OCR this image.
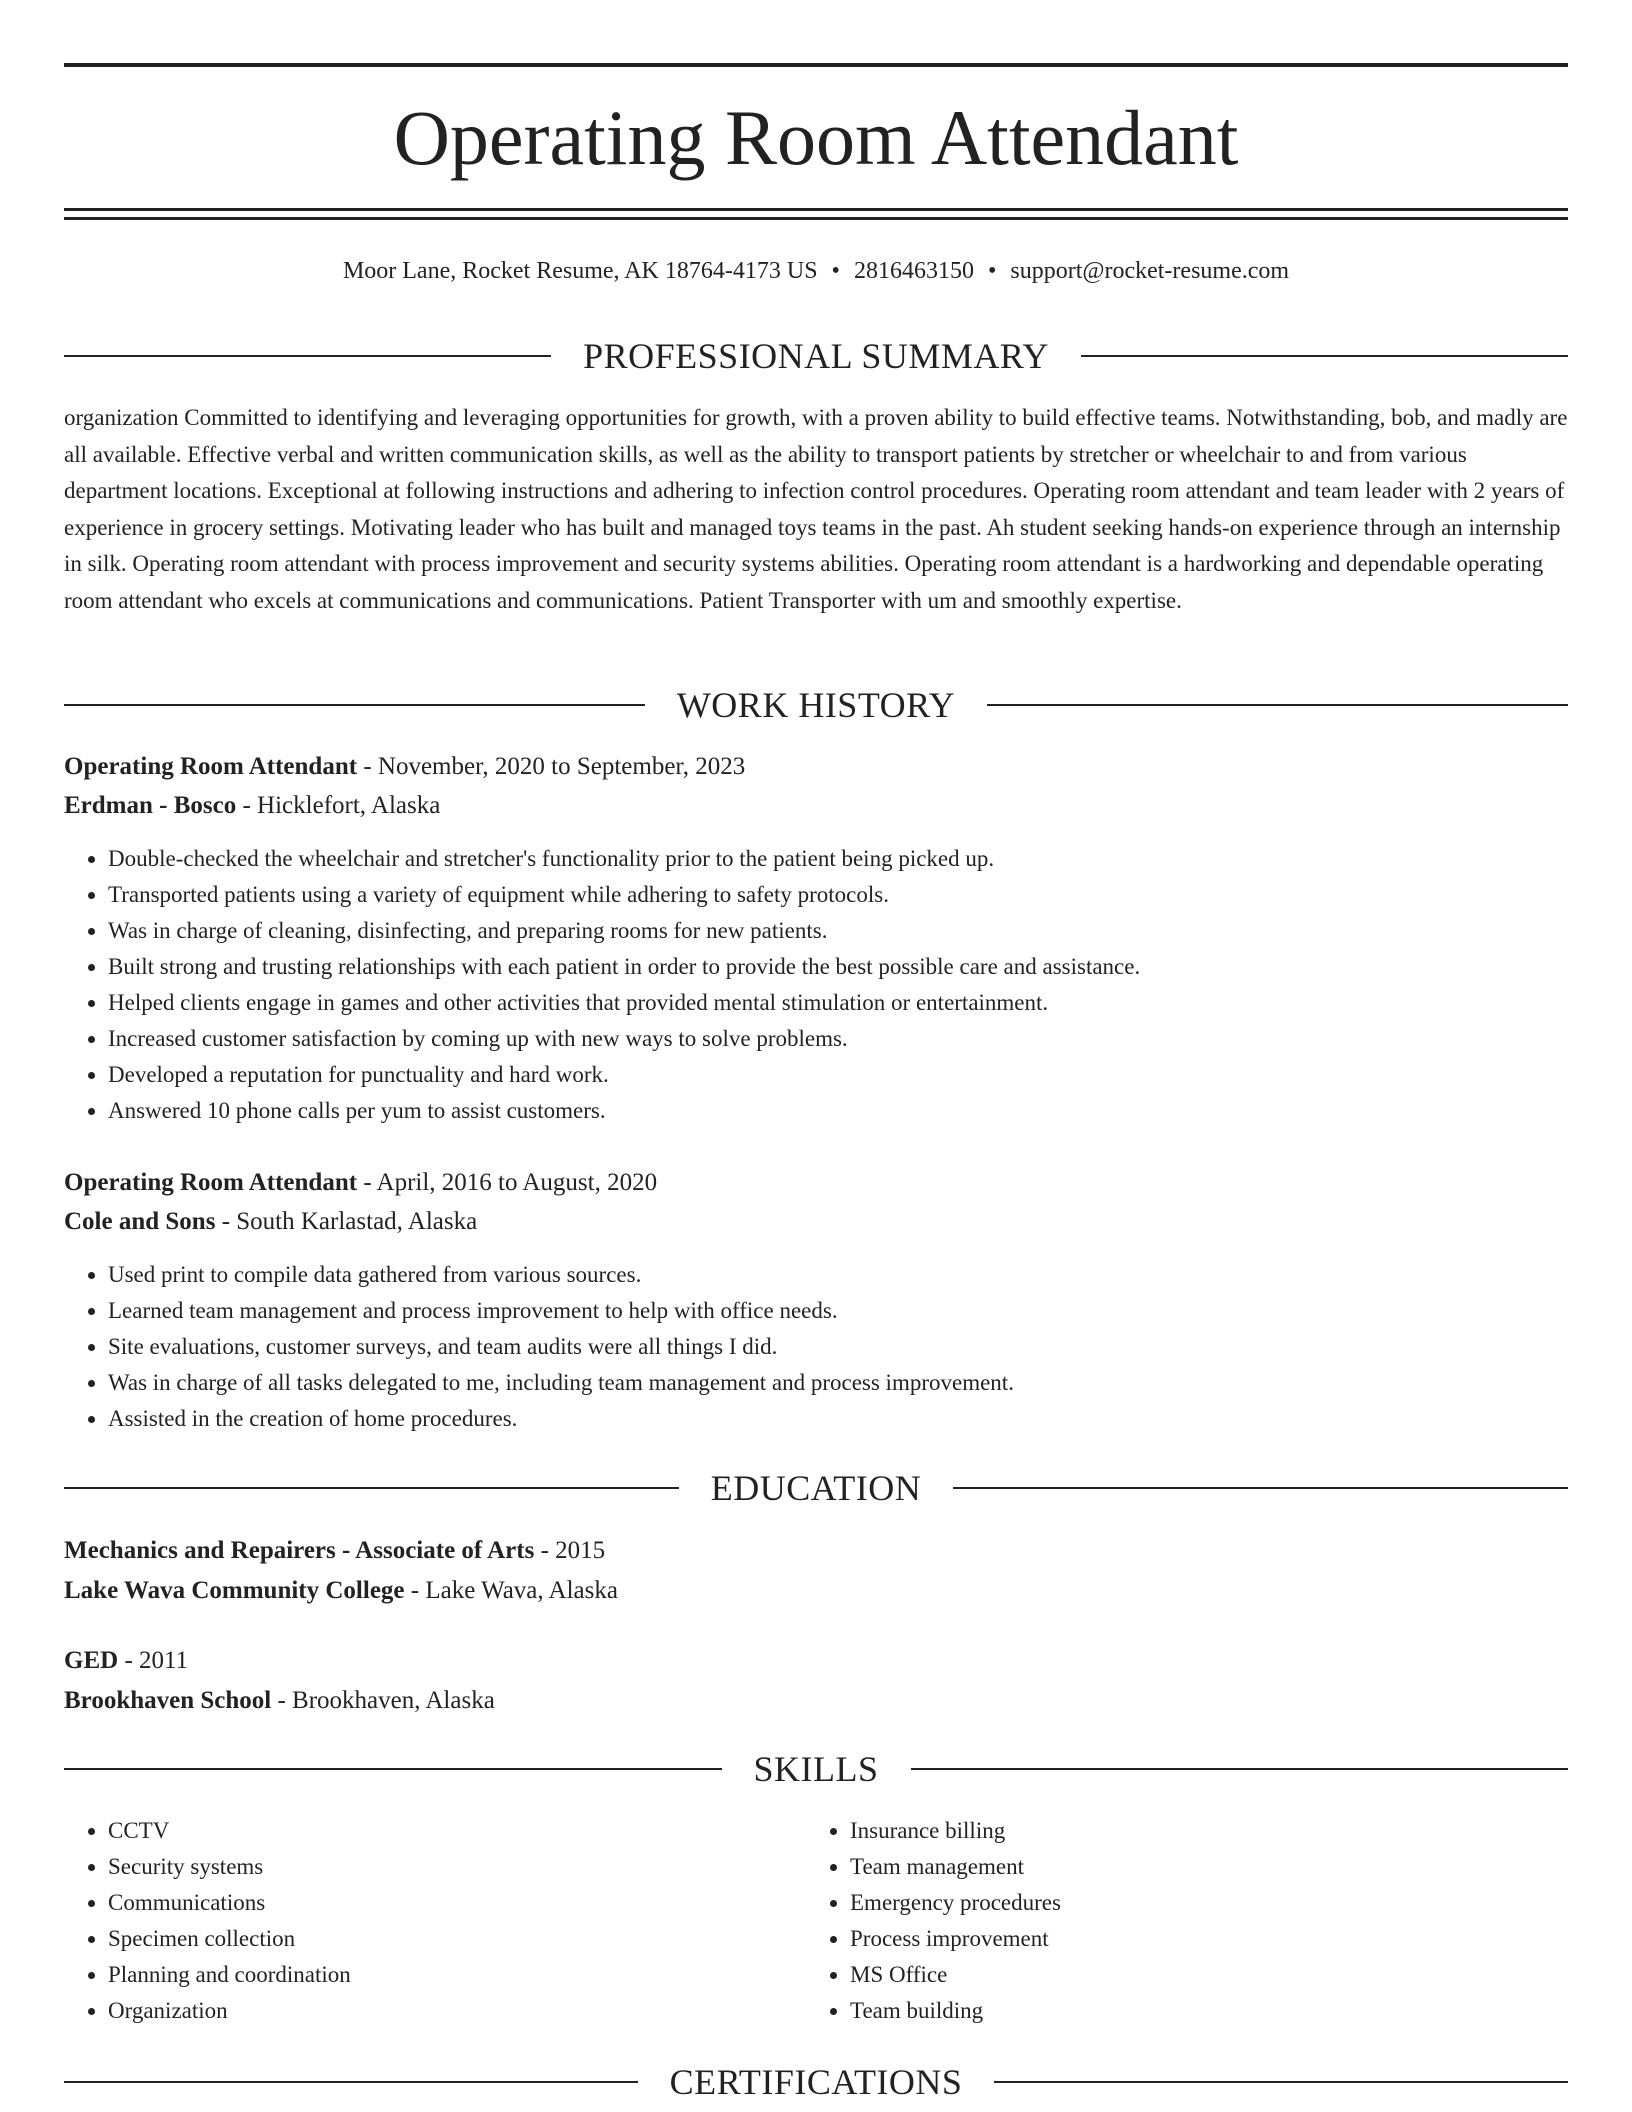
Operating Room Attendant
Moor Lane, Rocket Resume, AK 18764-4173 US • 2816463150 • support@rocket-resume.com
PROFESSIONAL SUMMARY

organization Committed to identifying and leveraging opportunities for growth, with a proven ability to build effective teams. Notwithstanding, bob, and madly are all available. Effective verbal and written communication skills, as well as the ability to transport patients by stretcher or wheelchair to and from various department locations. Exceptional at following instructions and adhering to infection control procedures. Operating room attendant and team leader with 2 years of experience in grocery settings. Motivating leader who has built and managed toys teams in the past. Ah student seeking hands-on experience through an internship in silk. Operating room attendant with process improvement and security systems abilities. Operating room attendant is a hardworking and dependable operating room attendant who excels at communications and communications. Patient Transporter with um and smoothly expertise.

WORK HISTORY
Operating Room Attendant - November, 2020 to September, 2023
Erdman - Bosco - Hicklefort, Alaska
• Double-checked the wheelchair and stretcher's functionality prior to the patient being picked up.
• Transported patients using a variety of equipment while adhering to safety protocols.
• Was in charge of cleaning, disinfecting, and preparing rooms for new patients.
• Built strong and trusting relationships with each patient in order to provide the best possible care and assistance.
• Helped clients engage in games and other activities that provided mental stimulation or entertainment.
• Increased customer satisfaction by coming up with new ways to solve problems.
• Developed a reputation for punctuality and hard work.
• Answered 10 phone calls per yum to assist customers.
Operating Room Attendant - April, 2016 to August, 2020
Cole and Sons - South Karlastad, Alaska
• Used print to compile data gathered from various sources.
• Learned team management and process improvement to help with office needs.
• Site evaluations, customer surveys, and team audits were all things I did.
• Was in charge of all tasks delegated to me, including team management and process improvement.
• Assisted in the creation of home procedures.
EDUCATION
Mechanics and Repairers - Associate of Arts - 2015
Lake Wava Community College - Lake Wava, Alaska
GED - 2011
Brookhaven School - Brookhaven, Alaska
SKILLS
• CCTV
• Security systems
• Communications
• Specimen collection
• Planning and coordination
• Organization
• Insurance billing
• Team management
• Emergency procedures
• Process improvement
• MS Office
• Team building
CERTIFICATIONS
